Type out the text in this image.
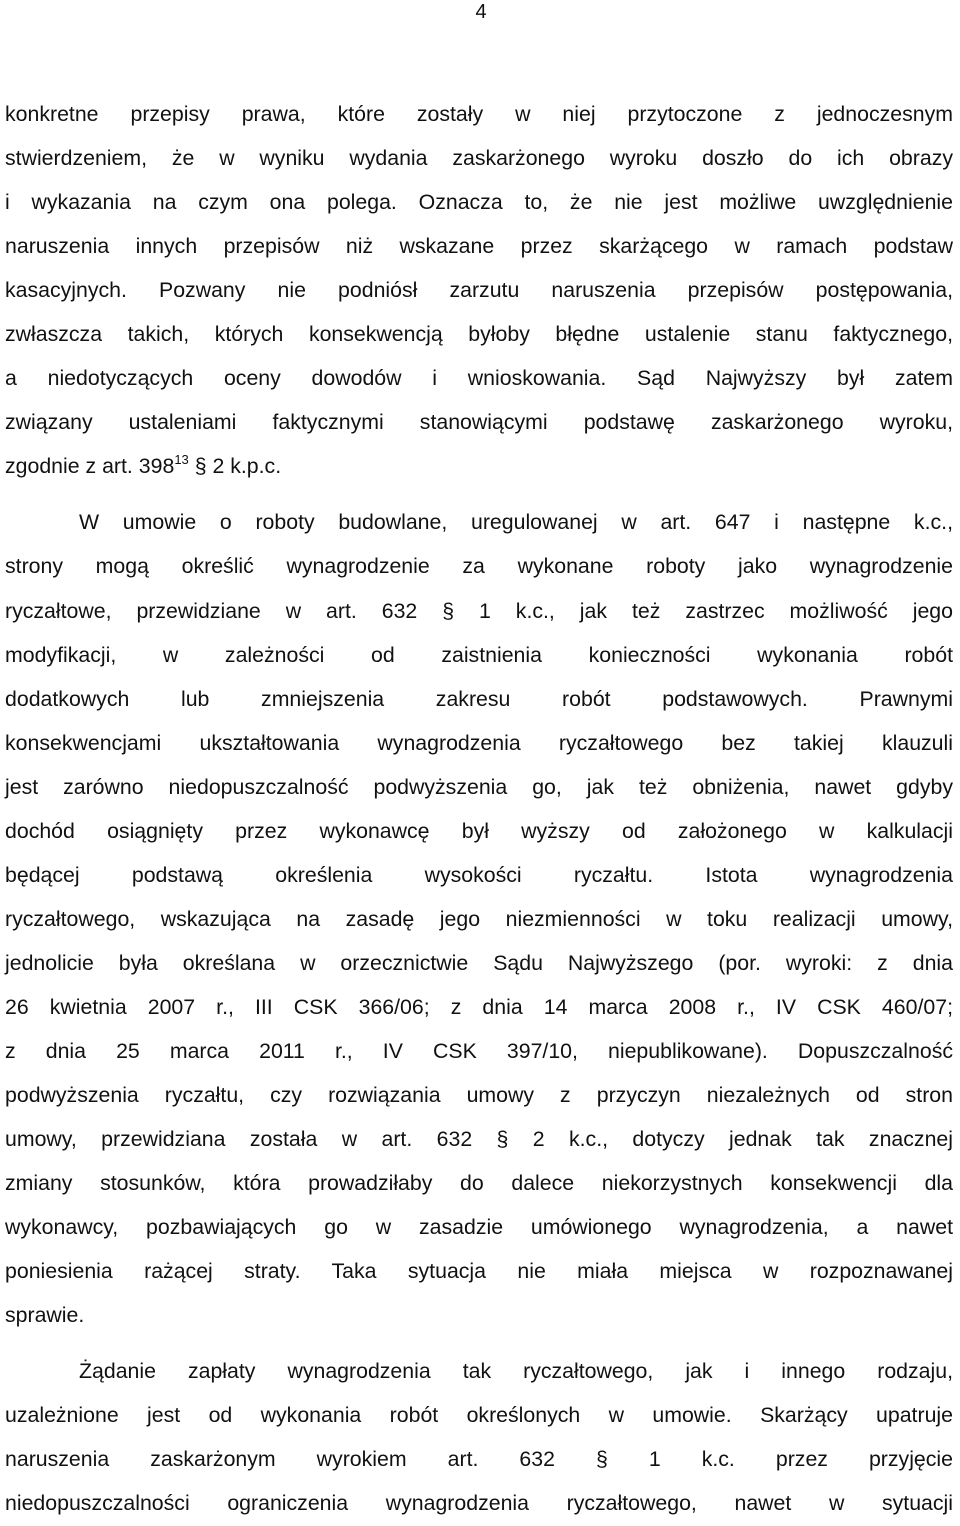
4
konkretne przepisy prawa, które zostały w niej przytoczone z jednoczesnym
stwierdzeniem, że w wyniku wydania zaskarżonego wyroku doszło do ich obrazy
i wykazania na czym ona polega. Oznacza to, że nie jest możliwe uwzględnienie
naruszenia innych przepisów niż wskazane przez skarżącego w ramach podstaw
kasacyjnych. Pozwany nie podniósł zarzutu naruszenia przepisów postępowania,
zwłaszcza takich, których konsekwencją byłoby błędne ustalenie stanu faktycznego,
a niedotyczących oceny dowodów i wnioskowania. Sąd Najwyższy był zatem
związany ustaleniami faktycznymi stanowiącymi podstawę zaskarżonego wyroku,
zgodnie z art. $398^{13}$ § 2 k.p.c.
W umowie o roboty budowlane, uregulowanej w art. 647 i następne k.c.,
strony mogą określić wynagrodzenie za wykonane roboty jako wynagrodzenie
ryczałtowe, przewidziane w art. 632 § 1 k.c., jak też zastrzec możliwość jego
modyfikacji, w zależności od zaistnienia konieczności wykonania robót
dodatkowych lub zmniejszenia zakresu robót podstawowych. Prawnymi
konsekwencjami ukształtowania wynagrodzenia ryczałtowego bez takiej klauzuli
jest zarówno niedopuszczalność podwyższenia go, jak też obniżenia, nawet gdyby
dochód osiągnięty przez wykonawcę był wyższy od założonego w kalkulacji
będącej podstawą określenia wysokości ryczałtu. Istota wynagrodzenia
ryczałtowego, wskazująca na zasadę jego niezmienności w toku realizacji umowy,
jednolicie była określana w orzecznictwie Sądu Najwyższego (por. wyroki: z dnia
26 kwietnia 2007 r., III CSK 366/06; z dnia 14 marca 2008 r., IV CSK 460/07;
z dnia 25 marca 2011 r., IV CSK 397/10, niepublikowane). Dopuszczalność
podwyższenia ryczałtu, czy rozwiązania umowy z przyczyn niezależnych od stron
umowy, przewidziana została w art. 632 § 2 k.c., dotyczy jednak tak znacznej
zmiany stosunków, która prowadziłaby do dalece niekorzystnych konsekwencji dla
wykonawcy, pozbawiających go w zasadzie umówionego wynagrodzenia, a nawet
poniesienia rażącej straty. Taka sytuacja nie miała miejsca w rozpoznawanej
sprawie.
Żądanie zapłaty wynagrodzenia tak ryczałtowego, jak i innego rodzaju,
uzależnione jest od wykonania robót określonych w umowie. Skarżący upatruje
naruszenia zaskarżonym wyrokiem art. 632 § 1 k.c. przez przyjęcie
niedopuszczalności ograniczenia wynagrodzenia ryczałtowego, nawet w sytuacji
